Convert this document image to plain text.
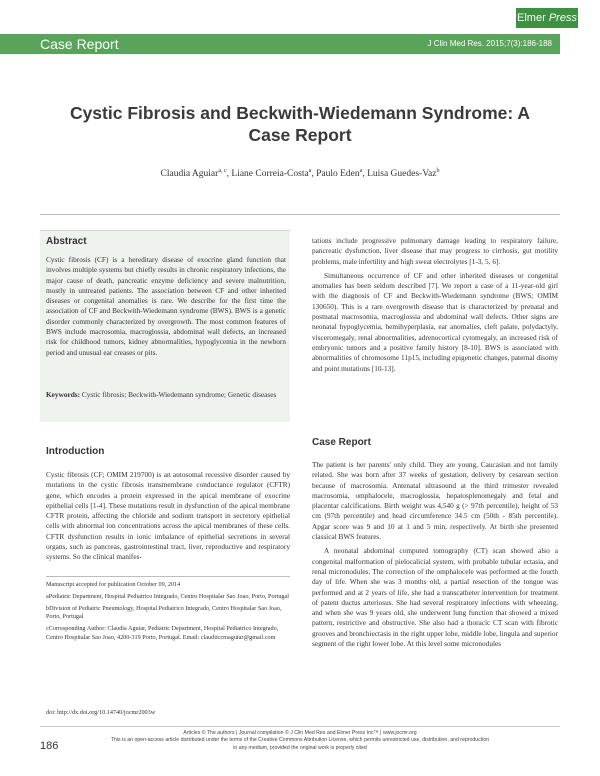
Elmer Press
Case Report	J Clin Med Res. 2015;7(3):186-188
Cystic Fibrosis and Beckwith-Wiedemann Syndrome: A Case Report
Claudia Aguiar$^{a, c}$, Liane Correia-Costa$^a$, Paulo Eden$^a$, Luisa Guedes-Vaz$^b$
Abstract

Cystic fibrosis (CF) is a hereditary disease of exocrine gland function that involves multiple systems but chiefly results in chronic respiratory infections, the major cause of death, pancreatic enzyme deficiency and severe malnutrition, mostly in untreated patients. The association between CF and other inherited diseases or congenital anomalies is rare. We describe for the first time the association of CF and Beckwith-Wiedemann syndrome (BWS). BWS is a genetic disorder commonly characterized by overgrowth. The most common features of BWS include macrosomia, macroglossia, abdominal wall defects, an increased risk for childhood tumors, kidney abnormalities, hypoglycemia in the newborn period and unusual ear creases or pits.

Keywords: Cystic fibrosis; Beckwith-Wiedemann syndrome; Genetic diseases

Introduction

Cystic fibrosis (CF; OMIM 219700) is an autosomal recessive disorder caused by mutations in the cystic fibrosis transmembrane conductance regulator (CFTR) gene, which encodes a protein expressed in the apical membrane of exocrine epithelial cells [1-4]. These mutations result in dysfunction of the apical membrane CFTR protein, affecting the chloride and sodium transport in secretory epithelial cells with abnormal ion concentrations across the apical membranes of these cells. CFTR dysfunction results in ionic imbalance of epithelial secretions in several organs, such as pancreas, gastrointestinal tract, liver, reproductive and respiratory systems. So the clinical manifes-

Manuscript accepted for publication October 09, 2014

aPediatric Department, Hospital Pediatrico Integrado, Centro Hospitalar Sao Joao, Porto, Portugal

bDivision of Pediatric Pneumology, Hospital Pediatrico Integrado, Centro Hospitalar Sao Joao, Porto, Portugal

cCorresponding Author: Claudia Aguiar, Pediatric Department, Hospital Pediatrico Integrado, Centro Hospitalar Sao Joao, 4200-319 Porto, Portugal. Email: claudiiccmaguiar@gmail.com

doi: http://dx.doi.org/10.14740/jocmr2003w

tations include progressive pulmonary damage leading to respiratory failure, pancreatic dysfunction, liver disease that may progress to cirrhosis, gut motility problems, male infertility and high sweat electrolytes [1-3, 5, 6].

Simultaneous occurrence of CF and other inherited diseases or congenital anomalies has been seldom described [7]. We report a case of a 11-year-old girl with the diagnosis of CF and Beckwith-Wiedemann syndrome (BWS; OMIM 130650). This is a rare overgrowth disease that is characterized by prenatal and postnatal macrosomia, macroglossia and abdominal wall defects. Other signs are neonatal hypoglycemia, hemihyperplasia, ear anomalies, cleft palate, polydactyly, visceromegaly, renal abnormalities, adrenocortical cytomegaly, an increased risk of embryonic tumors and a positive family history [8-10]. BWS is associated with abnormalities of chromosome 11p15, including epigenetic changes, paternal disomy and point mutations [10-13].

Case Report

The patient is her parents' only child. They are young, Caucasian and not family related. She was born after 37 weeks of gestation, delivery by cesarean section because of macrosomia. Antenatal ultrasound at the third trimester revealed macrosomia, omphalocele, macroglossia, hepatosplenomegaly and fetal and placentar calcifications. Birth weight was 4,540 g (> 97th percentile), height of 53 cm (97th percentile) and head circumference 34.5 cm (50th - 85th percentile). Apgar score was 9 and 10 at 1 and 5 min, respectively. At birth she presented classical BWS features.

A neonatal abdominal computed tomography (CT) scan showed also a congenital malformation of pielocalicial system, with probable tubular ectasia, and renal micronodules. The correction of the omphalocele was performed at the fourth day of life. When she was 3 months old, a partial resection of the tongue was performed and at 2 years of life, she had a transcatheter intervention for treatment of patent ductus arteriosus. She had several respiratory infections with wheezing, and when she was 9 years old, she underwent lung function that showed a mixed pattern, restrictive and obstructive. She also had a thoracic CT scan with fibrotic grooves and bronchiectasis in the right upper lobe, middle lobe, lingula and superior segment of the right lower lobe. At this level some micronodules

186
Articles © The authors | Journal compilation © J Clin Med Res and Elmer Press Inc™ | www.jocmr.org
This is an open-access article distributed under the terms of the Creative Commons Attribution License, which permits unrestricted use, distribution, and reproduction
in any medium, provided the original work is properly cited
